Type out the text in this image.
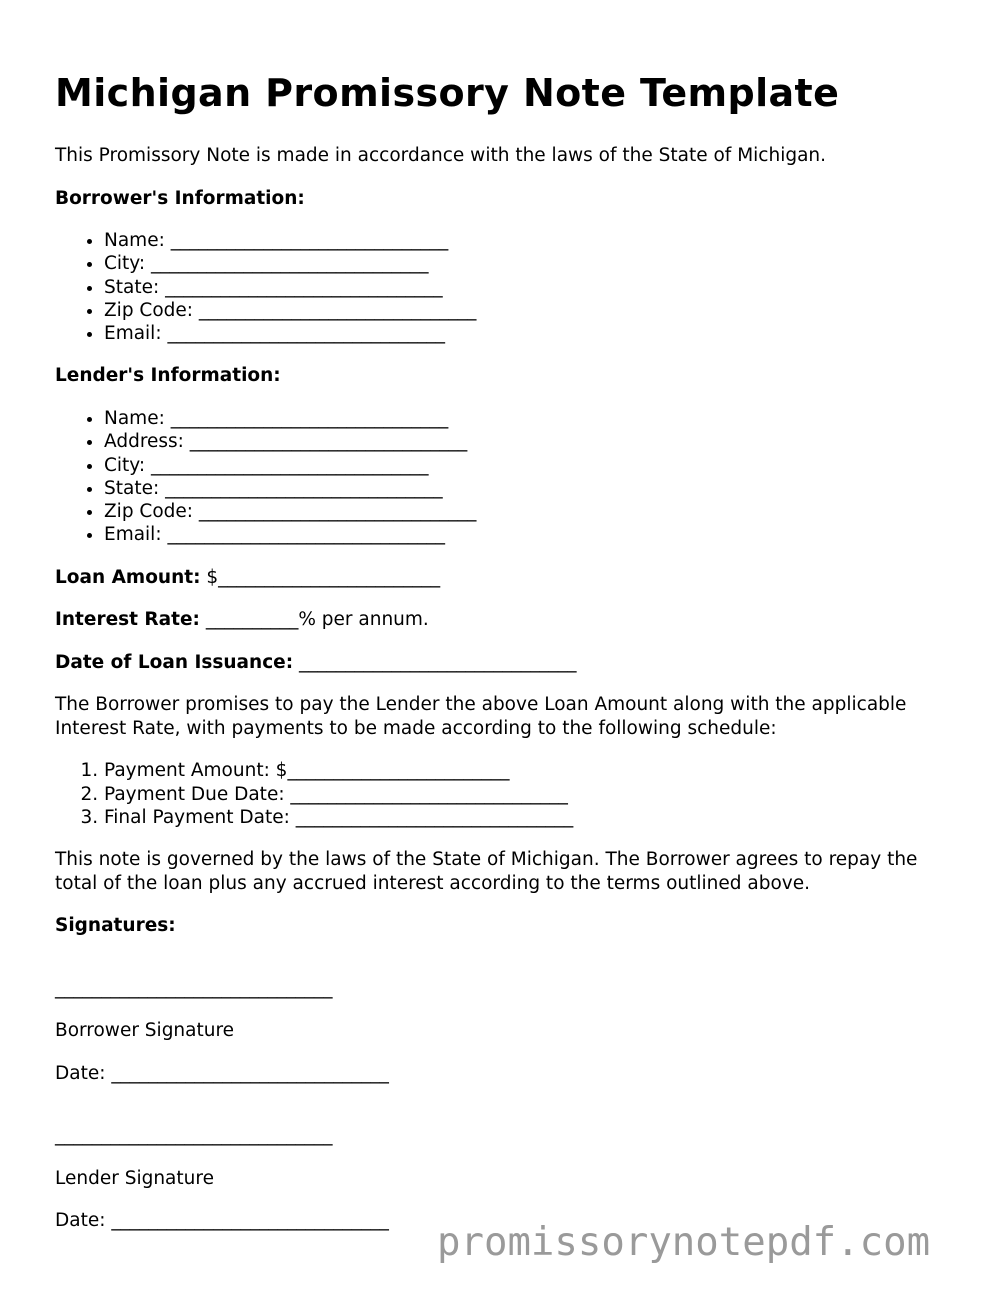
Michigan Promissory Note Template

This Promissory Note is made in accordance with the laws of the State of Michigan.

Borrower's Information:

• Name: ______________________________
• City: ______________________________
• State: ______________________________
• Zip Code: ______________________________
• Email: ______________________________

Lender's Information:

• Name: ______________________________
• Address: ______________________________
• City: ______________________________
• State: ______________________________
• Zip Code: ______________________________
• Email: ______________________________

Loan Amount: $________________________

Interest Rate: __________% per annum.

Date of Loan Issuance: ______________________________

The Borrower promises to pay the Lender the above Loan Amount along with the applicable Interest Rate, with payments to be made according to the following schedule:

1. Payment Amount: $________________________
2. Payment Due Date: ______________________________
3. Final Payment Date: ______________________________

This note is governed by the laws of the State of Michigan. The Borrower agrees to repay the total of the loan plus any accrued interest according to the terms outlined above.

Signatures:

______________________________

Borrower Signature

Date: ______________________________

______________________________

Lender Signature

Date: ______________________________	promissorynotepdf.com
